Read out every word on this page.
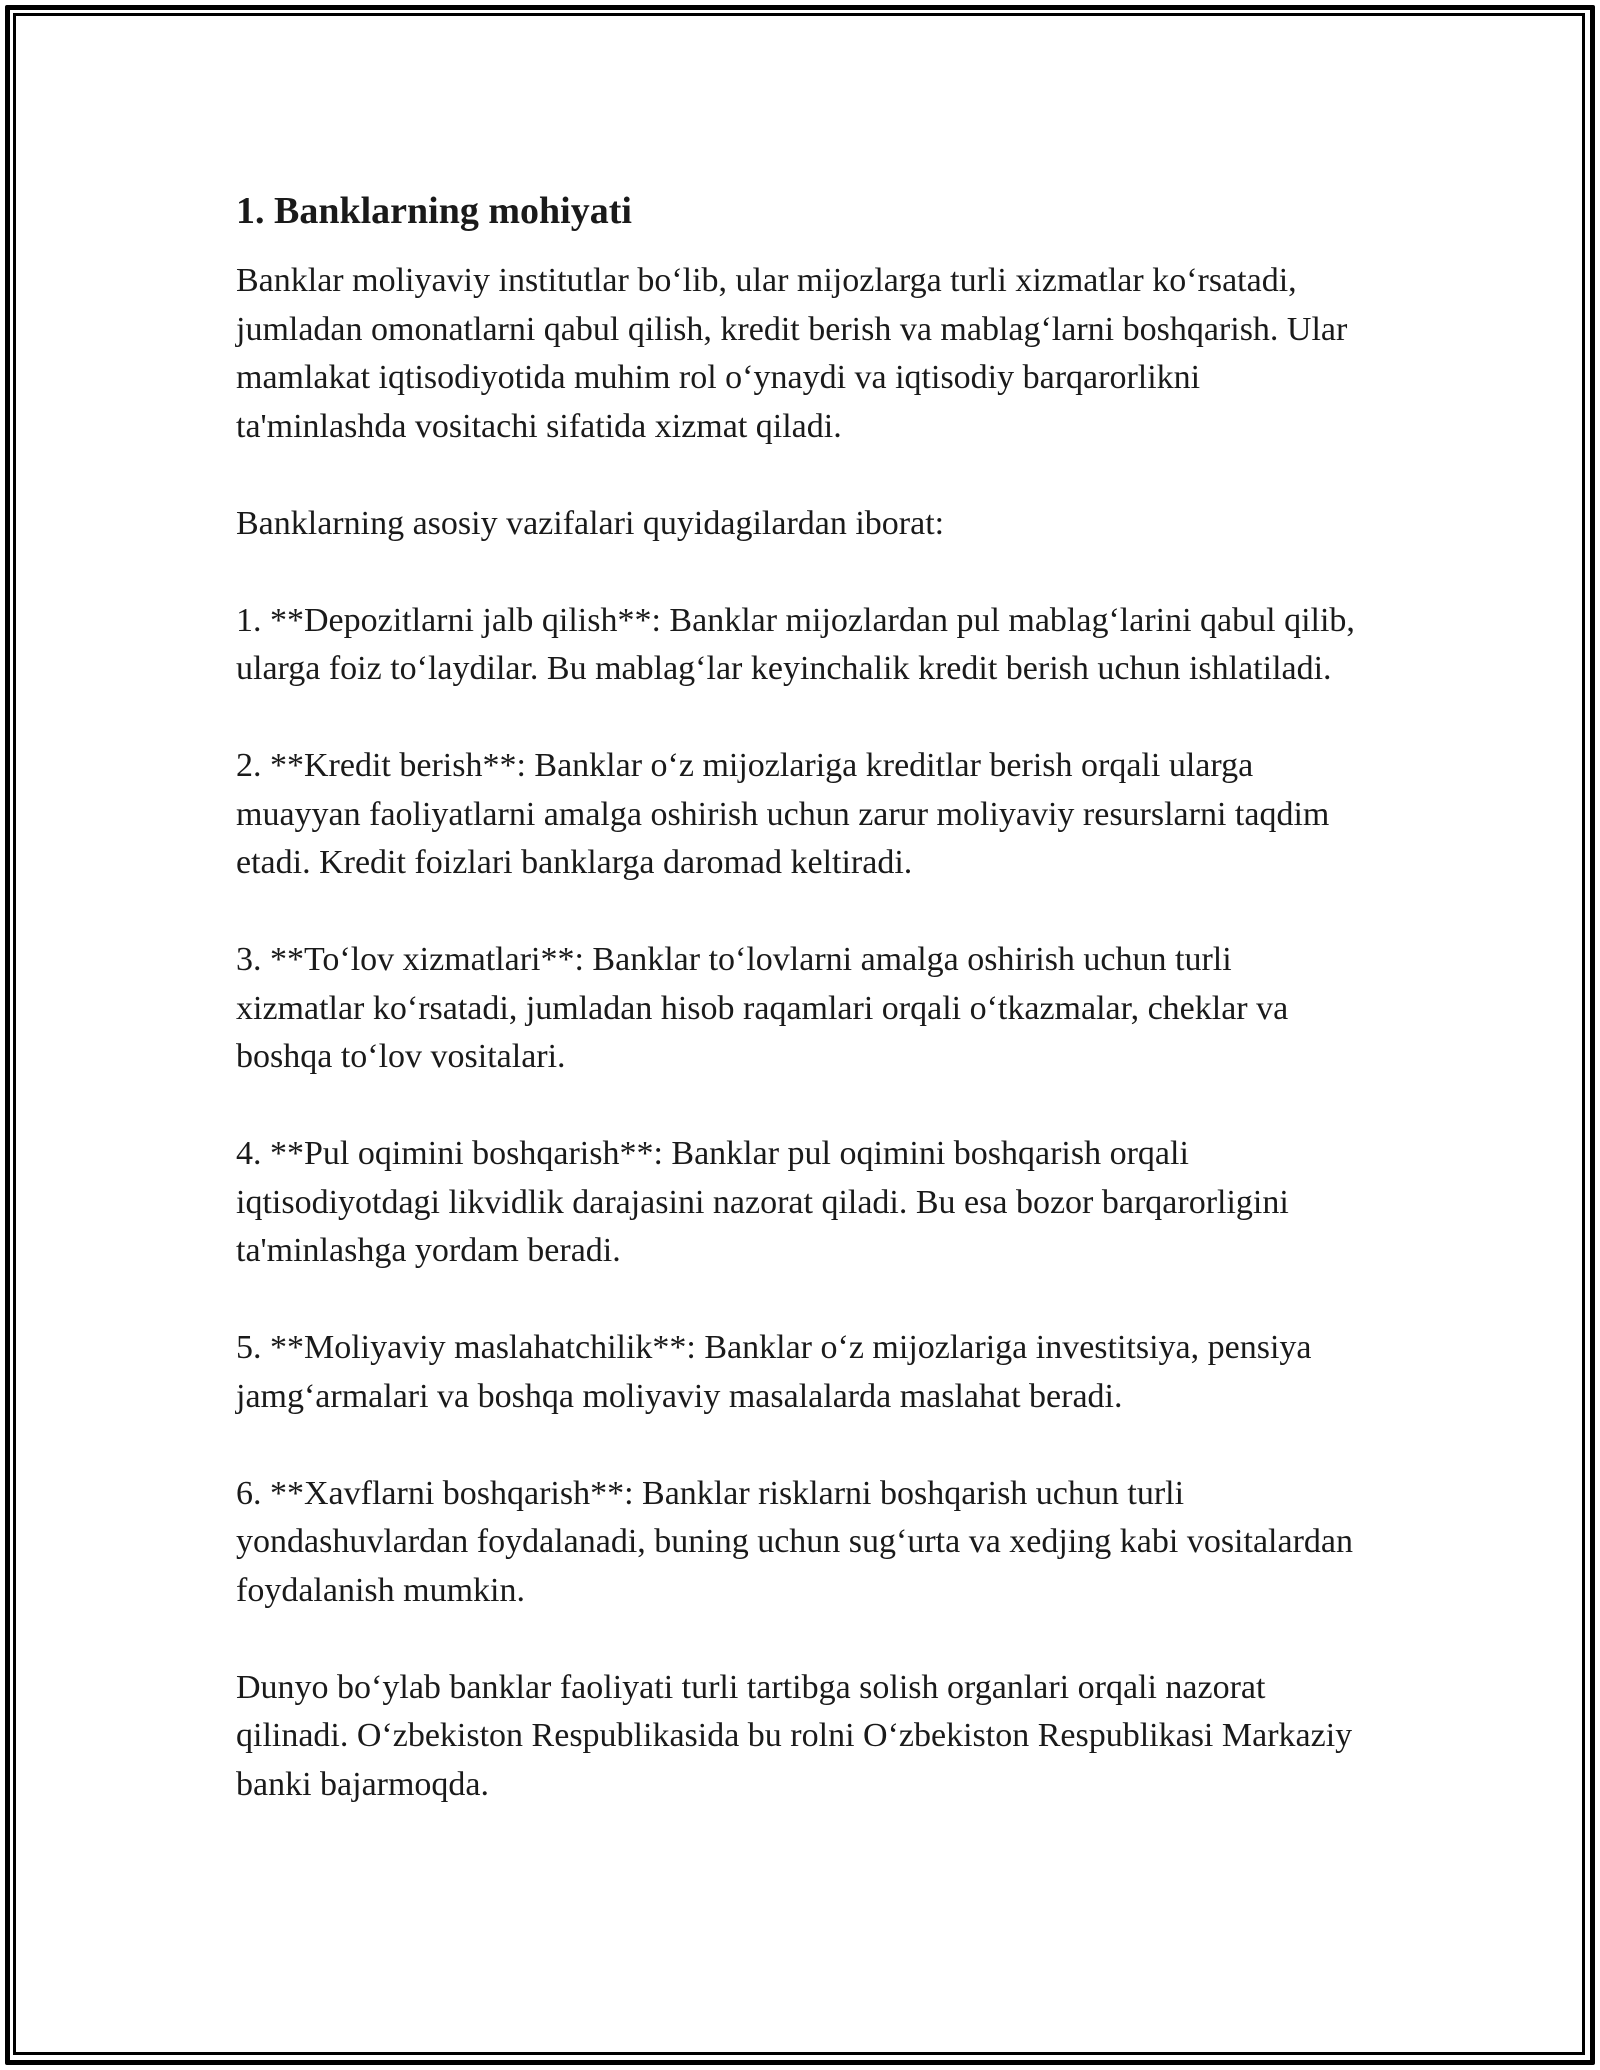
1. Banklarning mohiyati

Banklar moliyaviy institutlar bo‘lib, ular mijozlarga turli xizmatlar ko‘rsatadi, jumladan omonatlarni qabul qilish, kredit berish va mablag‘larni boshqarish. Ular mamlakat iqtisodiyotida muhim rol o‘ynaydi va iqtisodiy barqarorlikni ta'minlashda vositachi sifatida xizmat qiladi.

Banklarning asosiy vazifalari quyidagilardan iborat:

1. **Depozitlarni jalb qilish**: Banklar mijozlardan pul mablag‘larini qabul qilib, ularga foiz to‘laydilar. Bu mablag‘lar keyinchalik kredit berish uchun ishlatiladi.

2. **Kredit berish**: Banklar o‘z mijozlariga kreditlar berish orqali ularga muayyan faoliyatlarni amalga oshirish uchun zarur moliyaviy resurslarni taqdim etadi. Kredit foizlari banklarga daromad keltiradi.

3. **To‘lov xizmatlari**: Banklar to‘lovlarni amalga oshirish uchun turli xizmatlar ko‘rsatadi, jumladan hisob raqamlari orqali o‘tkazmalar, cheklar va boshqa to‘lov vositalari.

4. **Pul oqimini boshqarish**: Banklar pul oqimini boshqarish orqali iqtisodiyotdagi likvidlik darajasini nazorat qiladi. Bu esa bozor barqarorligini ta'minlashga yordam beradi.

5. **Moliyaviy maslahatchilik**: Banklar o‘z mijozlariga investitsiya, pensiya jamg‘armalari va boshqa moliyaviy masalalarda maslahat beradi.

6. **Xavflarni boshqarish**: Banklar risklarni boshqarish uchun turli yondashuvlardan foydalanadi, buning uchun sug‘urta va xedjing kabi vositalardan foydalanish mumkin.

Dunyo bo‘ylab banklar faoliyati turli tartibga solish organlari orqali nazorat qilinadi. O‘zbekiston Respublikasida bu rolni O‘zbekiston Respublikasi Markaziy banki bajarmoqda.
